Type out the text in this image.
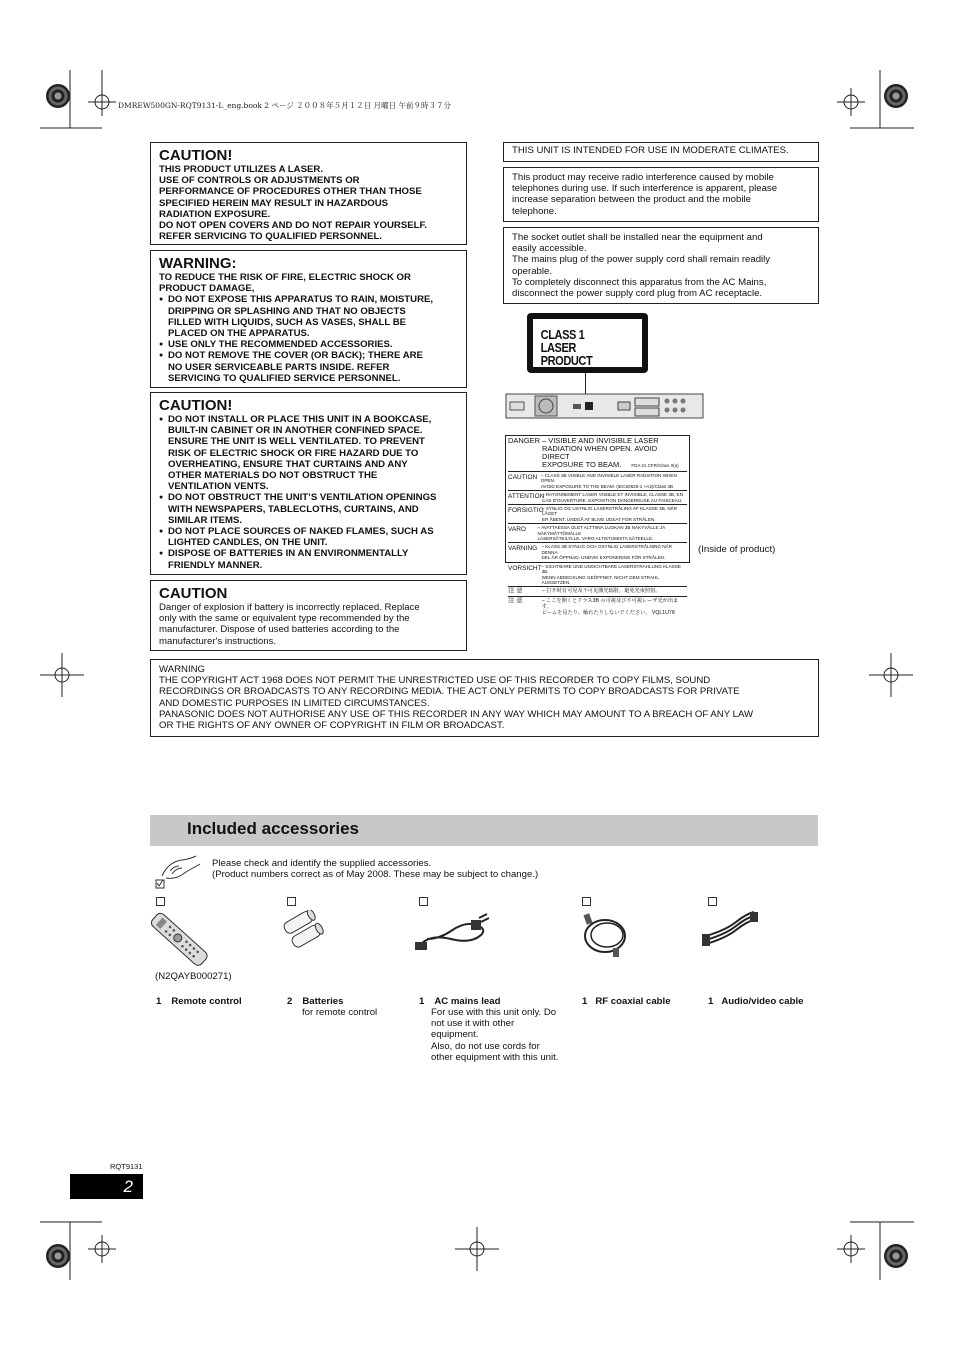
DMREW500GN-RQT9131-L_eng.book 2 ページ ２００８年５月１２日 月曜日 午前９時３７分
CAUTION!
THIS PRODUCT UTILIZES A LASER.
USE OF CONTROLS OR ADJUSTMENTS OR
PERFORMANCE OF PROCEDURES OTHER THAN THOSE
SPECIFIED HEREIN MAY RESULT IN HAZARDOUS
RADIATION EXPOSURE.
DO NOT OPEN COVERS AND DO NOT REPAIR YOURSELF.
REFER SERVICING TO QUALIFIED PERSONNEL.
WARNING:
TO REDUCE THE RISK OF FIRE, ELECTRIC SHOCK OR
PRODUCT DAMAGE,
● DO NOT EXPOSE THIS APPARATUS TO RAIN, MOISTURE,
DRIPPING OR SPLASHING AND THAT NO OBJECTS
FILLED WITH LIQUIDS, SUCH AS VASES, SHALL BE
PLACED ON THE APPARATUS.
● USE ONLY THE RECOMMENDED ACCESSORIES.
● DO NOT REMOVE THE COVER (OR BACK); THERE ARE
NO USER SERVICEABLE PARTS INSIDE. REFER
SERVICING TO QUALIFIED SERVICE PERSONNEL.
CAUTION!
● DO NOT INSTALL OR PLACE THIS UNIT IN A BOOKCASE,
BUILT-IN CABINET OR IN ANOTHER CONFINED SPACE.
ENSURE THE UNIT IS WELL VENTILATED. TO PREVENT
RISK OF ELECTRIC SHOCK OR FIRE HAZARD DUE TO
OVERHEATING, ENSURE THAT CURTAINS AND ANY
OTHER MATERIALS DO NOT OBSTRUCT THE
VENTILATION VENTS.
● DO NOT OBSTRUCT THE UNIT’S VENTILATION OPENINGS
WITH NEWSPAPERS, TABLECLOTHS, CURTAINS, AND
SIMILAR ITEMS.
● DO NOT PLACE SOURCES OF NAKED FLAMES, SUCH AS
LIGHTED CANDLES, ON THE UNIT.
● DISPOSE OF BATTERIES IN AN ENVIRONMENTALLY
FRIENDLY MANNER.
CAUTION
Danger of explosion if battery is incorrectly replaced. Replace
only with the same or equivalent type recommended by the
manufacturer. Dispose of used batteries according to the
manufacturer's instructions.
THIS UNIT IS INTENDED FOR USE IN MODERATE CLIMATES.
This product may receive radio interference caused by mobile
telephones during use. If such interference is apparent, please
increase separation between the product and the mobile
telephone.
The socket outlet shall be installed near the equipment and
easily accessible.
The mains plug of the power supply cord shall remain readily
operable.
To completely disconnect this apparatus from the AC Mains,
disconnect the power supply cord plug from AC receptacle.
CLASS 1
LASER PRODUCT
DANGER – VISIBLE AND INVISIBLE LASER
RADIATION WHEN OPEN. AVOID DIRECT
EXPOSURE TO BEAM. FDA 21 CFR/Class II(a)
CAUTION – CLASS 3B VISIBLE AND INVISIBLE LASER RADIATION WHEN OPEN.
AVOID EXPOSURE TO THE BEAM. (IEC60825-1 +A2)/Class 3B
ATTENTION
– RAYONNEMENT LASER VISIBLE ET INVISIBLE, CLASSE 3B, EN
CAS D'OUVERTURE. EXPOSITION DANGEREUSE AU FAISCEAU.
FORSIGTIG
– SYNLIG OG USYNLIG LASERSTRÅLING AF KLASSE 3B, NÅR LÅGET
ER ÅBENT. UNDGÅ AT BLIVE UDSAT FOR STRÅLEN.
VARO	– AVATTAESSA OLET ALTTIINA LUOKAN 3B NÄKYVÄLLE JA NÄKYMÄTTÖMÄLLE
LASERSÄTEILYLLE. VARO ALTISTUMISTA SÄTEELLE.
VARNING – KLASS 3B SYNLIG OCH OSYNLIG LASERSTRÅLNING NÄR DENNA
DEL ÄR ÖPPNAD. UNDVIK EXPONERING FÖR STRÅLEN.
VORSICHT – SICHTBARE UND UNSICHTBARE LASERSTRAHLUNG KLASSE 3B,
WENN ABDECKUNG GEÖFFNET. NICHT DEM STRAHL AUSSETZEN.
注 意	– 打开时有可见及不可见激光辐射，避免光束照射。
注 意	– ここを開くとクラス3B の可視及び不可視レーザ光が出ます。
ビームを見たり、触れたりしないでください。 VQL1U78
(Inside of product)
WARNING
THE COPYRIGHT ACT 1968 DOES NOT PERMIT THE UNRESTRICTED USE OF THIS RECORDER TO COPY FILMS, SOUND
RECORDINGS OR BROADCASTS TO ANY RECORDING MEDIA. THE ACT ONLY PERMITS TO COPY BROADCASTS FOR PRIVATE
AND DOMESTIC PURPOSES IN LIMITED CIRCUMSTANCES.
PANASONIC DOES NOT AUTHORISE ANY USE OF THIS RECORDER IN ANY WAY WHICH MAY AMOUNT TO A BREACH OF ANY LAW
OR THE RIGHTS OF ANY OWNER OF COPYRIGHT IN FILM OR BROADCAST.
Included accessories
Please check and identify the supplied accessories.
(Product numbers correct as of May 2008. These may be subject to change.)
(N2QAYB000271)
1 Remote control	2 Batteries
for remote control
1 AC mains lead
For use with this unit only. Do
not use it with other
equipment.
Also, do not use cords for
other equipment with this unit.
1 RF coaxial cable	1 Audio/video cable
RQT9131
2
